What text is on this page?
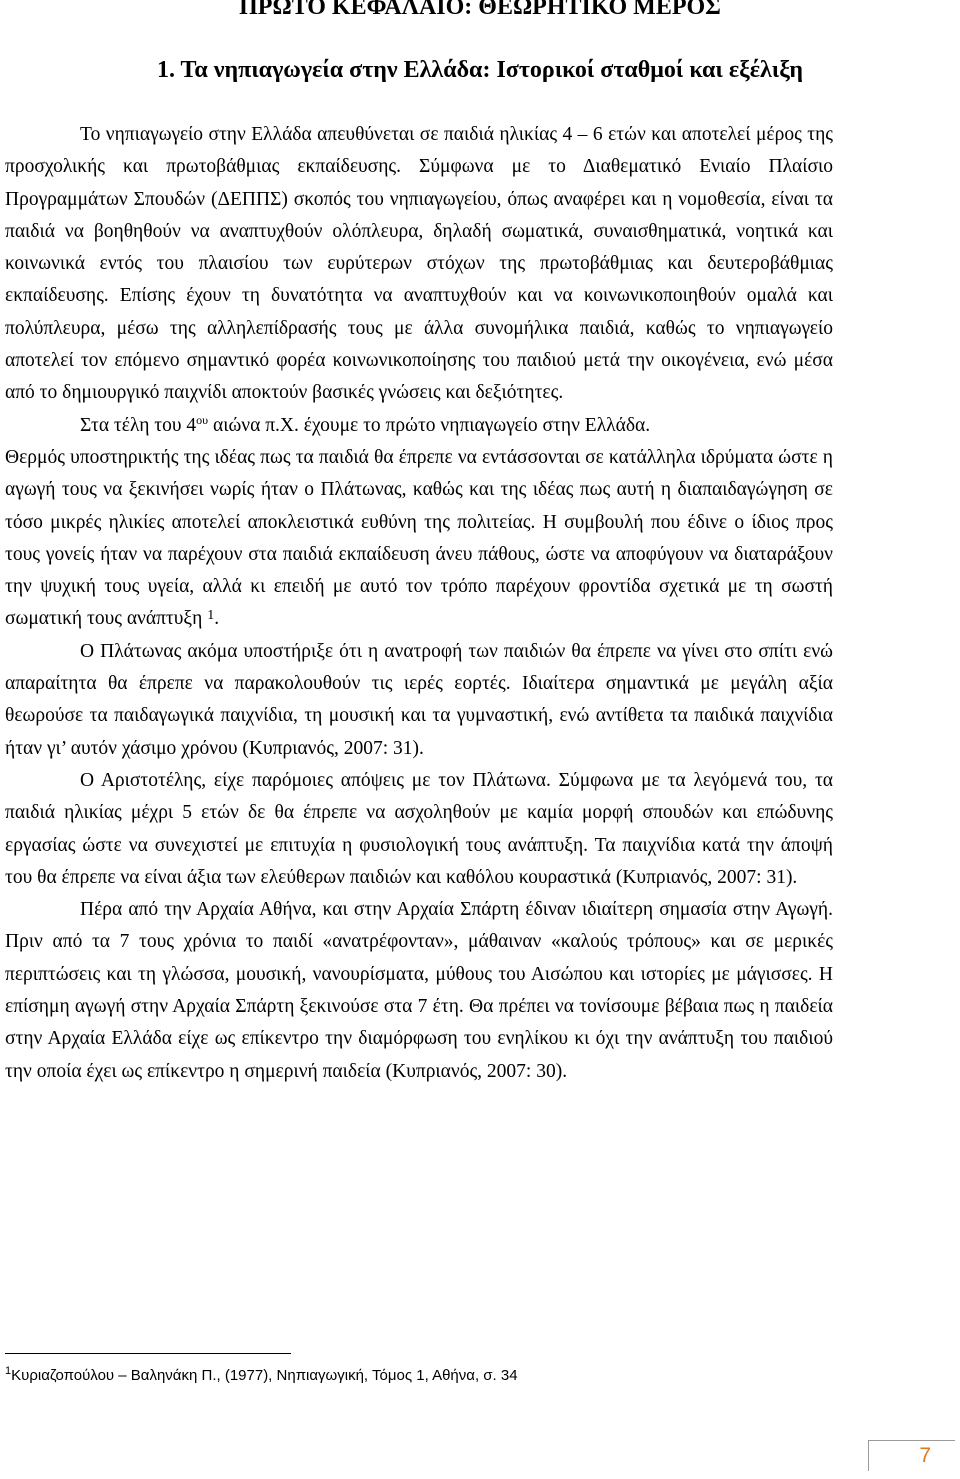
ΠΡΩΤΟ ΚΕΦΑΛΑΙΟ: ΘΕΩΡΗΤΙΚΟ ΜΕΡΟΣ
1. Τα νηπιαγωγεία στην Ελλάδα: Ιστορικοί σταθμοί και εξέλιξη

Το νηπιαγωγείο στην Ελλάδα απευθύνεται σε παιδιά ηλικίας 4 – 6 ετών και αποτελεί μέρος της προσχολικής και πρωτοβάθμιας εκπαίδευσης. Σύμφωνα με το Διαθεματικό Ενιαίο Πλαίσιο Προγραμμάτων Σπουδών (ΔΕΠΠΣ) σκοπός του νηπιαγωγείου, όπως αναφέρει και η νομοθεσία, είναι τα παιδιά να βοηθηθούν να αναπτυχθούν ολόπλευρα, δηλαδή σωματικά, συναισθηματικά, νοητικά και κοινωνικά εντός του πλαισίου των ευρύτερων στόχων της πρωτοβάθμιας και δευτεροβάθμιας εκπαίδευσης. Επίσης έχουν τη δυνατότητα να αναπτυχθούν και να κοινωνικοποιηθούν ομαλά και πολύπλευρα, μέσω της αλληλεπίδρασής τους με άλλα συνομήλικα παιδιά, καθώς το νηπιαγωγείο αποτελεί τον επόμενο σημαντικό φορέα κοινωνικοποίησης του παιδιού μετά την οικογένεια, ενώ μέσα από το δημιουργικό παιχνίδι αποκτούν βασικές γνώσεις και δεξιότητες.

Στα τέλη του $4^{o\upsilon}$ αιώνα π.Χ. έχουμε το πρώτο νηπιαγωγείο στην Ελλάδα.

Θερμός υποστηρικτής της ιδέας πως τα παιδιά θα έπρεπε να εντάσσονται σε κατάλληλα ιδρύματα ώστε η αγωγή τους να ξεκινήσει νωρίς ήταν ο Πλάτωνας, καθώς και της ιδέας πως αυτή η διαπαιδαγώγηση σε τόσο μικρές ηλικίες αποτελεί αποκλειστικά ευθύνη της πολιτείας. Η συμβουλή που έδινε ο ίδιος προς τους γονείς ήταν να παρέχουν στα παιδιά εκπαίδευση άνευ πάθους, ώστε να αποφύγουν να διαταράξουν την ψυχική τους υγεία, αλλά κι επειδή με αυτό τον τρόπο παρέχουν φροντίδα σχετικά με τη σωστή σωματική τους ανάπτυξη $^1$.

Ο Πλάτωνας ακόμα υποστήριξε ότι η ανατροφή των παιδιών θα έπρεπε να γίνει στο σπίτι ενώ απαραίτητα θα έπρεπε να παρακολουθούν τις ιερές εορτές. Ιδιαίτερα σημαντικά με μεγάλη αξία θεωρούσε τα παιδαγωγικά παιχνίδια, τη μουσική και τα γυμναστική, ενώ αντίθετα τα παιδικά παιχνίδια ήταν γι’ αυτόν χάσιμο χρόνου (Κυπριανός, 2007: 31).

Ο Αριστοτέλης, είχε παρόμοιες απόψεις με τον Πλάτωνα. Σύμφωνα με τα λεγόμενά του, τα παιδιά ηλικίας μέχρι 5 ετών δε θα έπρεπε να ασχοληθούν με καμία μορφή σπουδών και επώδυνης εργασίας ώστε να συνεχιστεί με επιτυχία η φυσιολογική τους ανάπτυξη. Τα παιχνίδια κατά την άποψή του θα έπρεπε να είναι άξια των ελεύθερων παιδιών και καθόλου κουραστικά (Κυπριανός, 2007: 31).

Πέρα από την Αρχαία Αθήνα, και στην Αρχαία Σπάρτη έδιναν ιδιαίτερη σημασία στην Αγωγή. Πριν από τα 7 τους χρόνια το παιδί «ανατρέφονταν», μάθαιναν «καλούς τρόπους» και σε μερικές περιπτώσεις και τη γλώσσα, μουσική, νανουρίσματα, μύθους του Αισώπου και ιστορίες με μάγισσες. Η επίσημη αγωγή στην Αρχαία Σπάρτη ξεκινούσε στα 7 έτη. Θα πρέπει να τονίσουμε βέβαια πως η παιδεία στην Αρχαία Ελλάδα είχε ως επίκεντρο την διαμόρφωση του ενηλίκου κι όχι την ανάπτυξη του παιδιού την οποία έχει ως επίκεντρο η σημερινή παιδεία (Κυπριανός, 2007: 30).

$^1$Κυριαζοπούλου – Βαληνάκη Π., (1977), Νηπιαγωγική, Τόμος 1, Αθήνα, σ. 34
7
